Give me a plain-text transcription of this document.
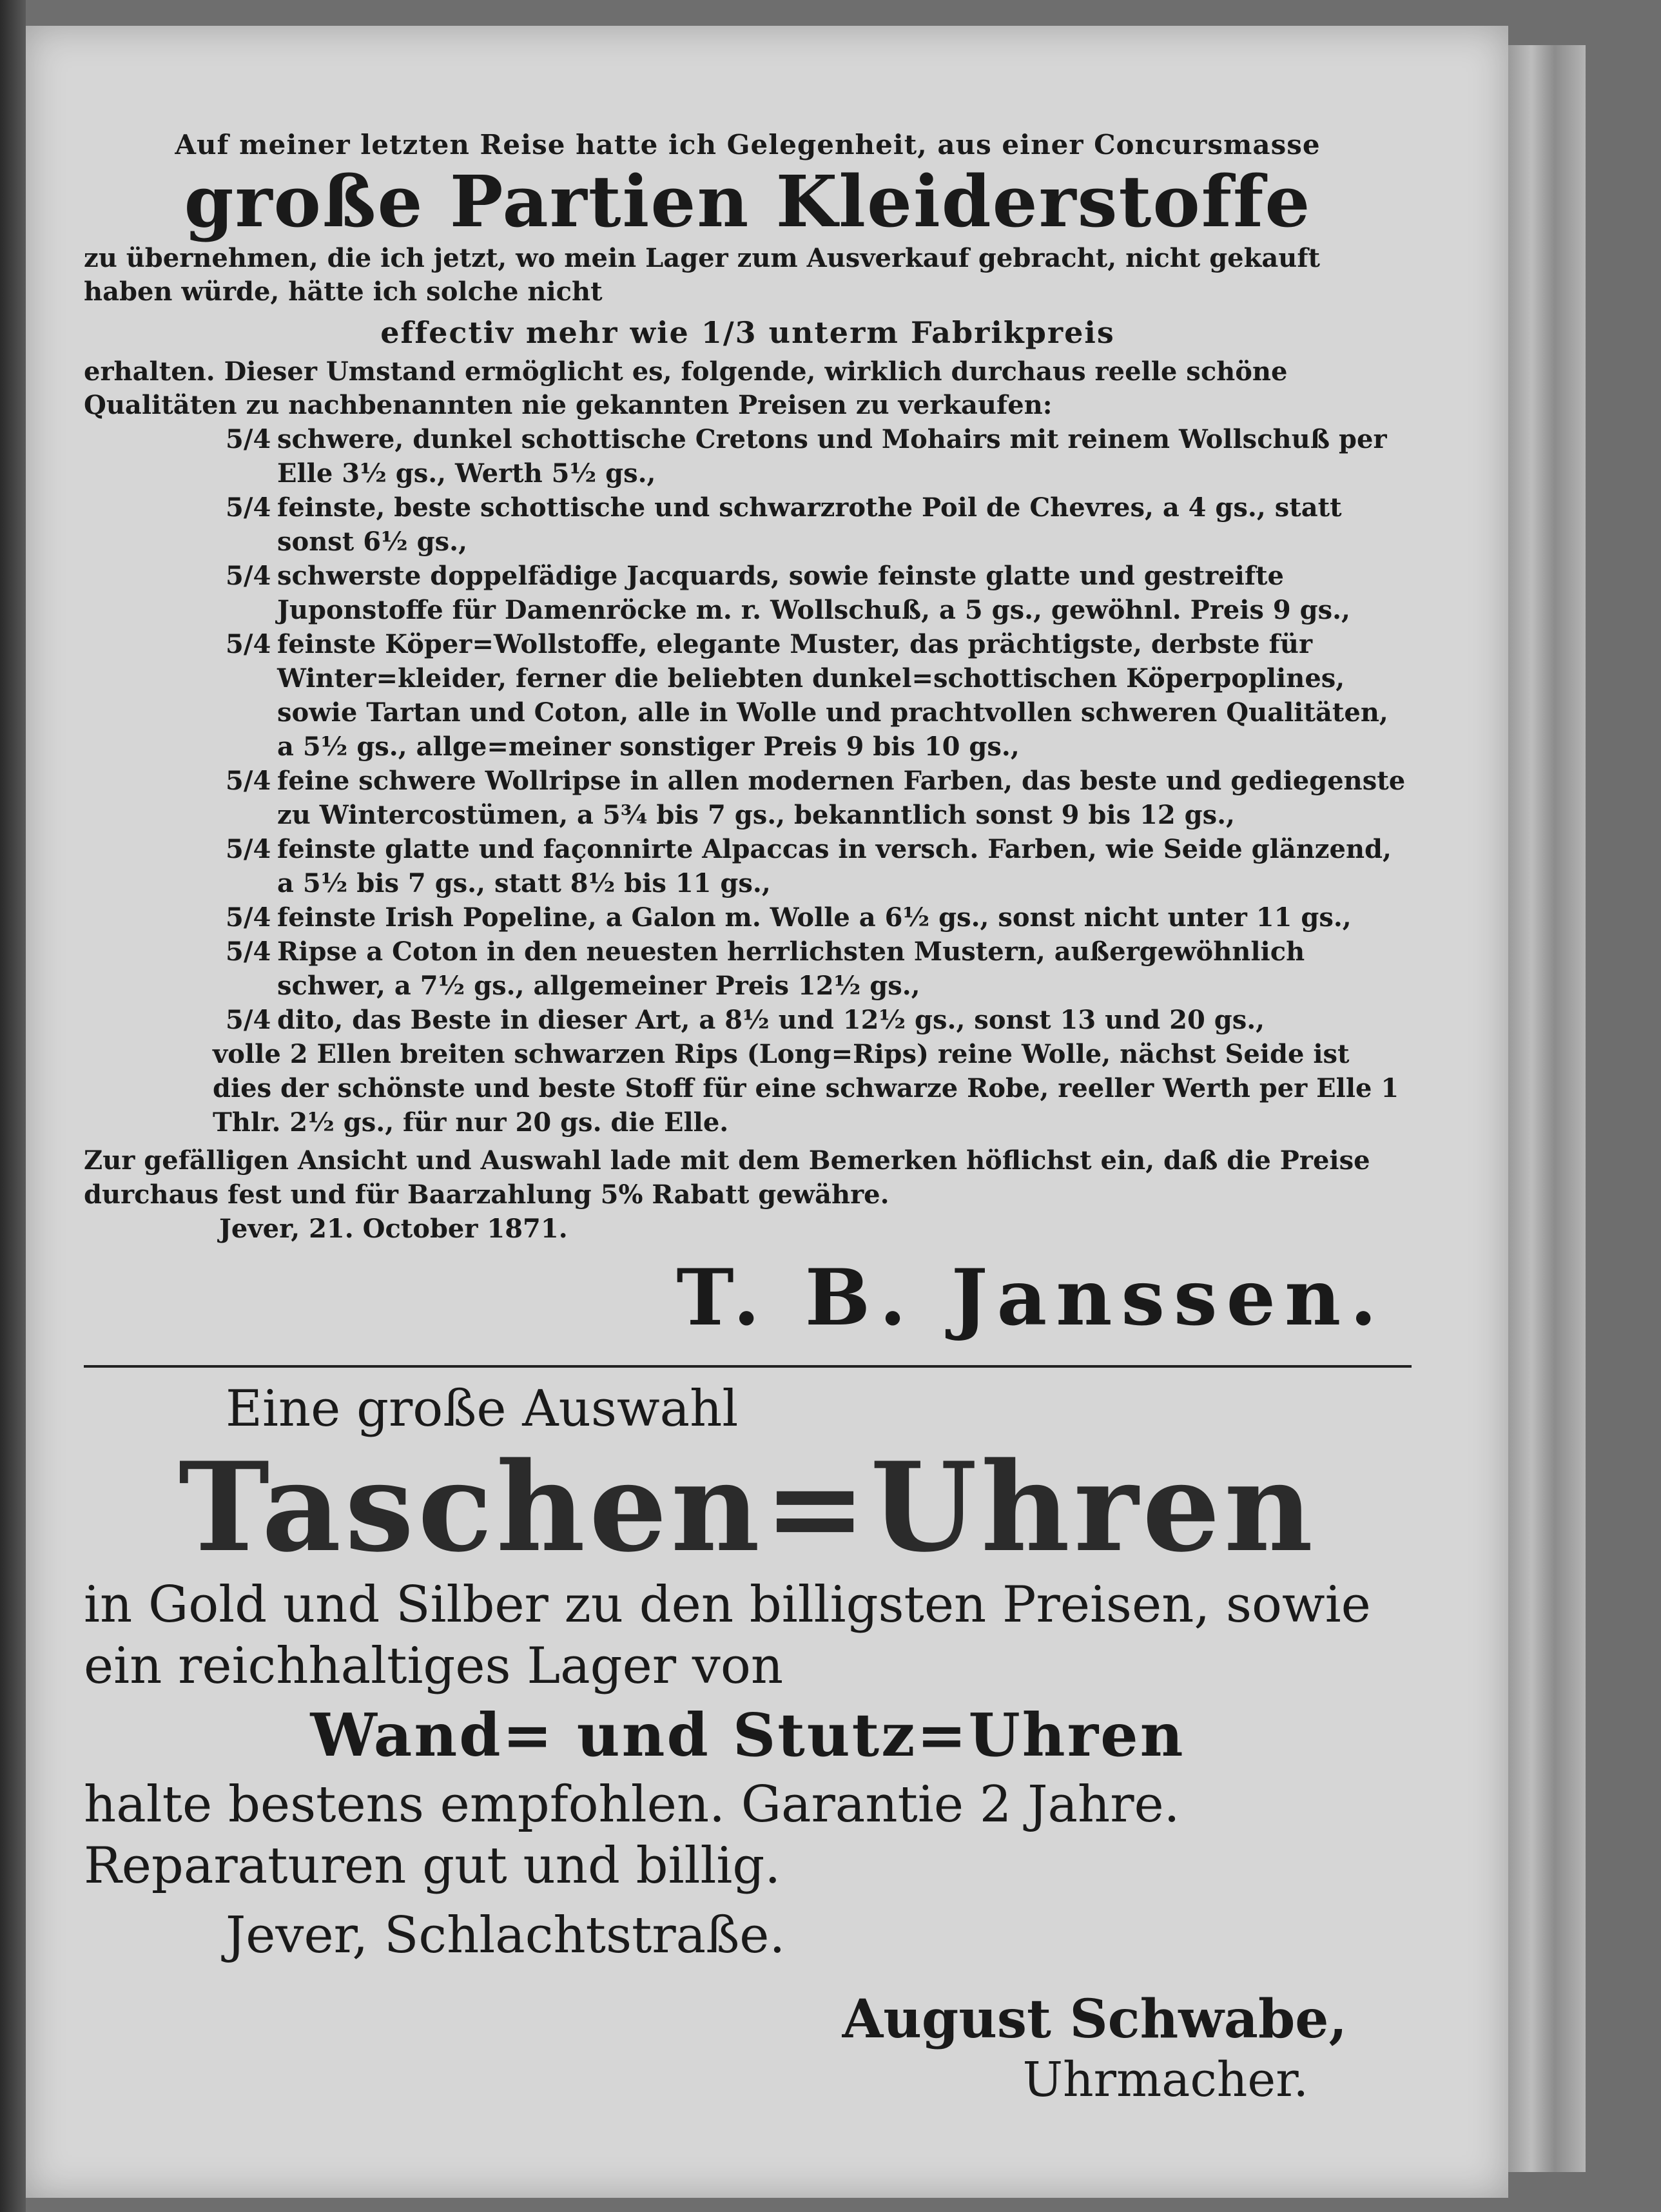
Auf meiner letzten Reise hatte ich Gelegenheit, aus einer Concursmasse
große Partien Kleiderstoffe
zu übernehmen, die ich jetzt, wo mein Lager zum Ausverkauf gebracht, nicht gekauft haben würde, hätte ich solche nicht
effectiv mehr wie 1/3 unterm Fabrikpreis
erhalten. Dieser Umstand ermöglicht es, folgende, wirklich durchaus reelle schöne Qualitäten zu nachbenannten nie gekannten Preisen zu verkaufen:
5/4 schwere, dunkel schottische Cretons und Mohairs mit reinem Wollschuß per Elle 3½ gs., Werth 5½ gs.,
5/4 feinste, beste schottische und schwarzrothe Poil de Chevres, a 4 gs., statt sonst 6½ gs.,
5/4 schwerste doppelfädige Jacquards, sowie feinste glatte und gestreifte Juponstoffe für Damenröcke m. r. Wollschuß, a 5 gs., gewöhnl. Preis 9 gs.,
5/4 feinste Köper=Wollstoffe, elegante Muster, das prächtigste, derbste für Winter=kleider, ferner die beliebten dunkel=schottischen Köperpoplines, sowie Tartan und Coton, alle in Wolle und prachtvollen schweren Qualitäten, a 5½ gs., allge=meiner sonstiger Preis 9 bis 10 gs.,
5/4 feine schwere Wollripse in allen modernen Farben, das beste und gediegenste zu Wintercostümen, a 5¾ bis 7 gs., bekanntlich sonst 9 bis 12 gs.,
5/4 feinste glatte und façonnirte Alpaccas in versch. Farben, wie Seide glänzend, a 5½ bis 7 gs., statt 8½ bis 11 gs.,
5/4 feinste Irish Popeline, a Galon m. Wolle a 6½ gs., sonst nicht unter 11 gs.,
5/4 Ripse a Coton in den neuesten herrlichsten Mustern, außergewöhnlich schwer, a 7½ gs., allgemeiner Preis 12½ gs.,
5/4 dito, das Beste in dieser Art, a 8½ und 12½ gs., sonst 13 und 20 gs.,
volle 2 Ellen breiten schwarzen Rips (Long=Rips) reine Wolle, nächst Seide ist dies der schönste und beste Stoff für eine schwarze Robe, reeller Werth per Elle 1 Thlr. 2½ gs., für nur 20 gs. die Elle.
Zur gefälligen Ansicht und Auswahl lade mit dem Bemerken höflichst ein, daß die Preise durchaus fest und für Baarzahlung 5% Rabatt gewähre.
Jever, 21. October 1871.
T. B. Janssen.
Eine große Auswahl
Taschen=Uhren
in Gold und Silber zu den billigsten Preisen, sowie ein reichhaltiges Lager von
Wand= und Stutz=Uhren
halte bestens empfohlen. Garantie 2 Jahre. Reparaturen gut und billig.
Jever, Schlachtstraße.
August Schwabe,
Uhrmacher.
